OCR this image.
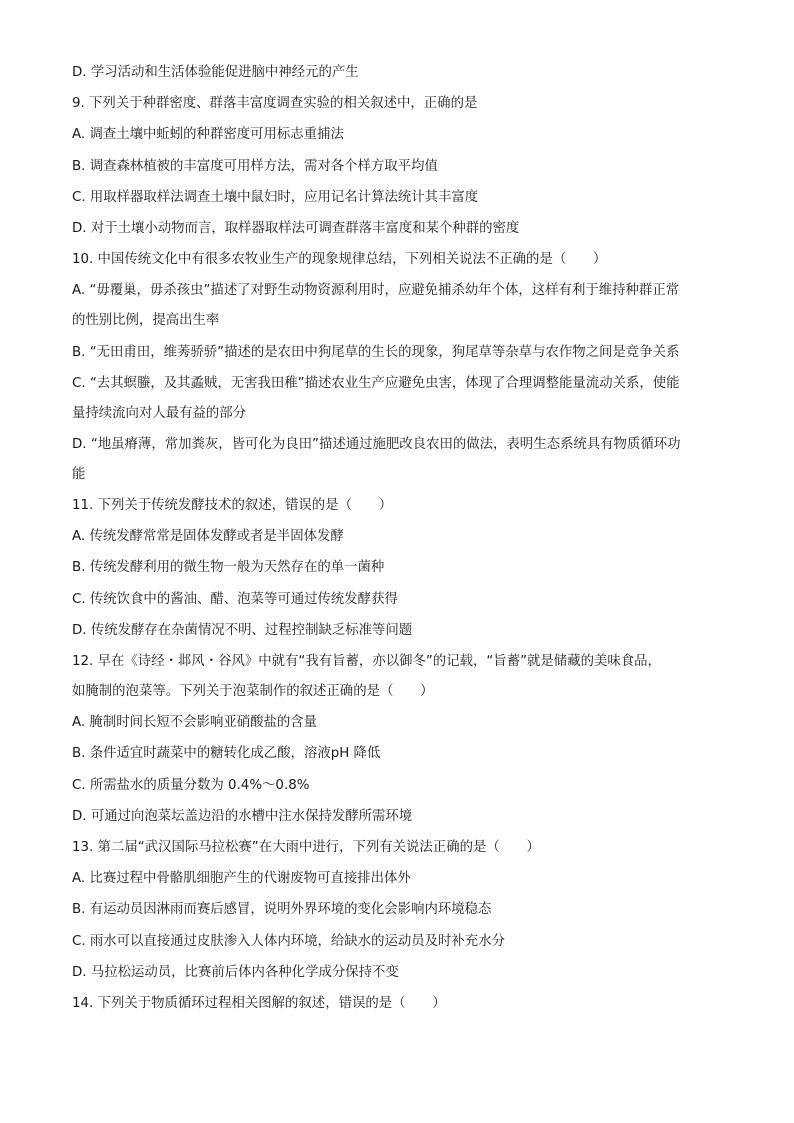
D. 学习活动和生活体验能促进脑中神经元的产生
9. 下列关于种群密度、群落丰富度调查实验的相关叙述中，正确的是
A. 调查土壤中蚯蚓的种群密度可用标志重捕法
B. 调查森林植被的丰富度可用样方法，需对各个样方取平均值
C. 用取样器取样法调查土壤中鼠妇时，应用记名计算法统计其丰富度
D. 对于土壤小动物而言，取样器取样法可调查群落丰富度和某个种群的密度
10. 中国传统文化中有很多农牧业生产的现象规律总结，下列相关说法不正确的是（　　）
A. “毋覆巢，毋杀孩虫”描述了对野生动物资源利用时，应避免捕杀幼年个体，这样有利于维持种群正常
的性别比例，提高出生率
B. “无田甫田，维莠骄骄”描述的是农田中狗尾草的生长的现象，狗尾草等杂草与农作物之间是竞争关系
C. “去其螟螣，及其蟊贼，无害我田稚”描述农业生产应避免虫害，体现了合理调整能量流动关系，使能
量持续流向对人最有益的部分
D. “地虽瘠薄，常加粪灰，皆可化为良田”描述通过施肥改良农田的做法，表明生态系统具有物质循环功
能
11. 下列关于传统发酵技术的叙述，错误的是（　　）
A. 传统发酵常常是固体发酵或者是半固体发酵
B. 传统发酵利用的微生物一般为天然存在的单一菌种
C. 传统饮食中的酱油、醋、泡菜等可通过传统发酵获得
D. 传统发酵存在杂菌情况不明、过程控制缺乏标准等问题
12. 早在《诗经・邶风・谷风》中就有“我有旨蓄，亦以御冬”的记载，“旨蓄”就是储藏的美味食品，
如腌制的泡菜等。下列关于泡菜制作的叙述正确的是（　　）
A. 腌制时间长短不会影响亚硝酸盐的含量
B. 条件适宜时蔬菜中的糖转化成乙酸，溶液pH 降低
C. 所需盐水的质量分数为 0.4%～0.8%
D. 可通过向泡菜坛盖边沿的水槽中注水保持发酵所需环境
13. 第二届“武汉国际马拉松赛”在大雨中进行，下列有关说法正确的是（　　）
A. 比赛过程中骨骼肌细胞产生的代谢废物可直接排出体外
B. 有运动员因淋雨而赛后感冒，说明外界环境的变化会影响内环境稳态
C. 雨水可以直接通过皮肤渗入人体内环境，给缺水的运动员及时补充水分
D. 马拉松运动员，比赛前后体内各种化学成分保持不变
14. 下列关于物质循环过程相关图解的叙述，错误的是（　　）
